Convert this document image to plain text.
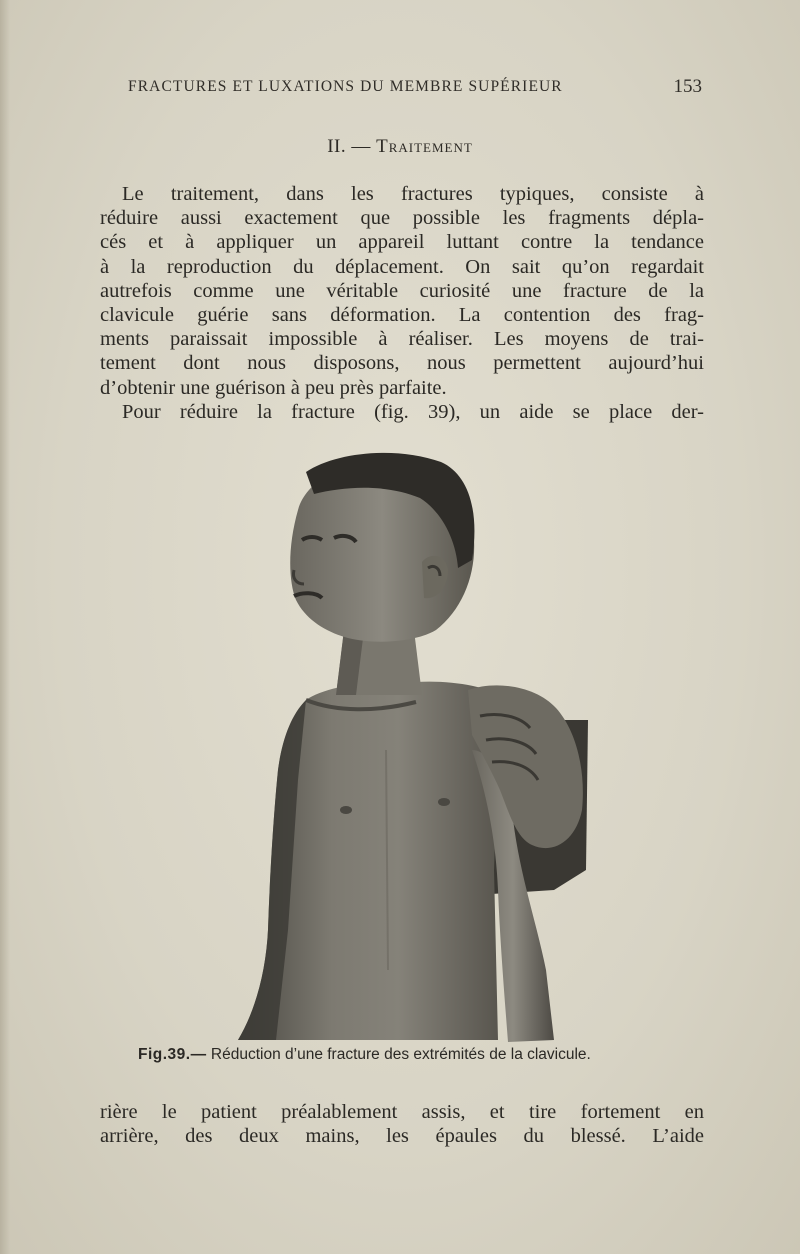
FRACTURES ET LUXATIONS DU MEMBRE SUPÉRIEUR	153
II. — Traitement
Le traitement, dans les fractures typiques, consiste à
réduire aussi exactement que possible les fragments dépla-
cés et à appliquer un appareil luttant contre la tendance
à la reproduction du déplacement. On sait qu’on regardait
autrefois comme une véritable curiosité une fracture de la
clavicule guérie sans déformation. La contention des frag-
ments paraissait impossible à réaliser. Les moyens de trai-
tement dont nous disposons, nous permettent aujourd’hui
d’obtenir une guérison à peu près parfaite.
Pour réduire la fracture (fig. 39), un aide se place der-
Fig.39.— Réduction d’une fracture des extrémités de la clavicule.
rière le patient préalablement assis, et tire fortement en
arrière, des deux mains, les épaules du blessé. L’aide
